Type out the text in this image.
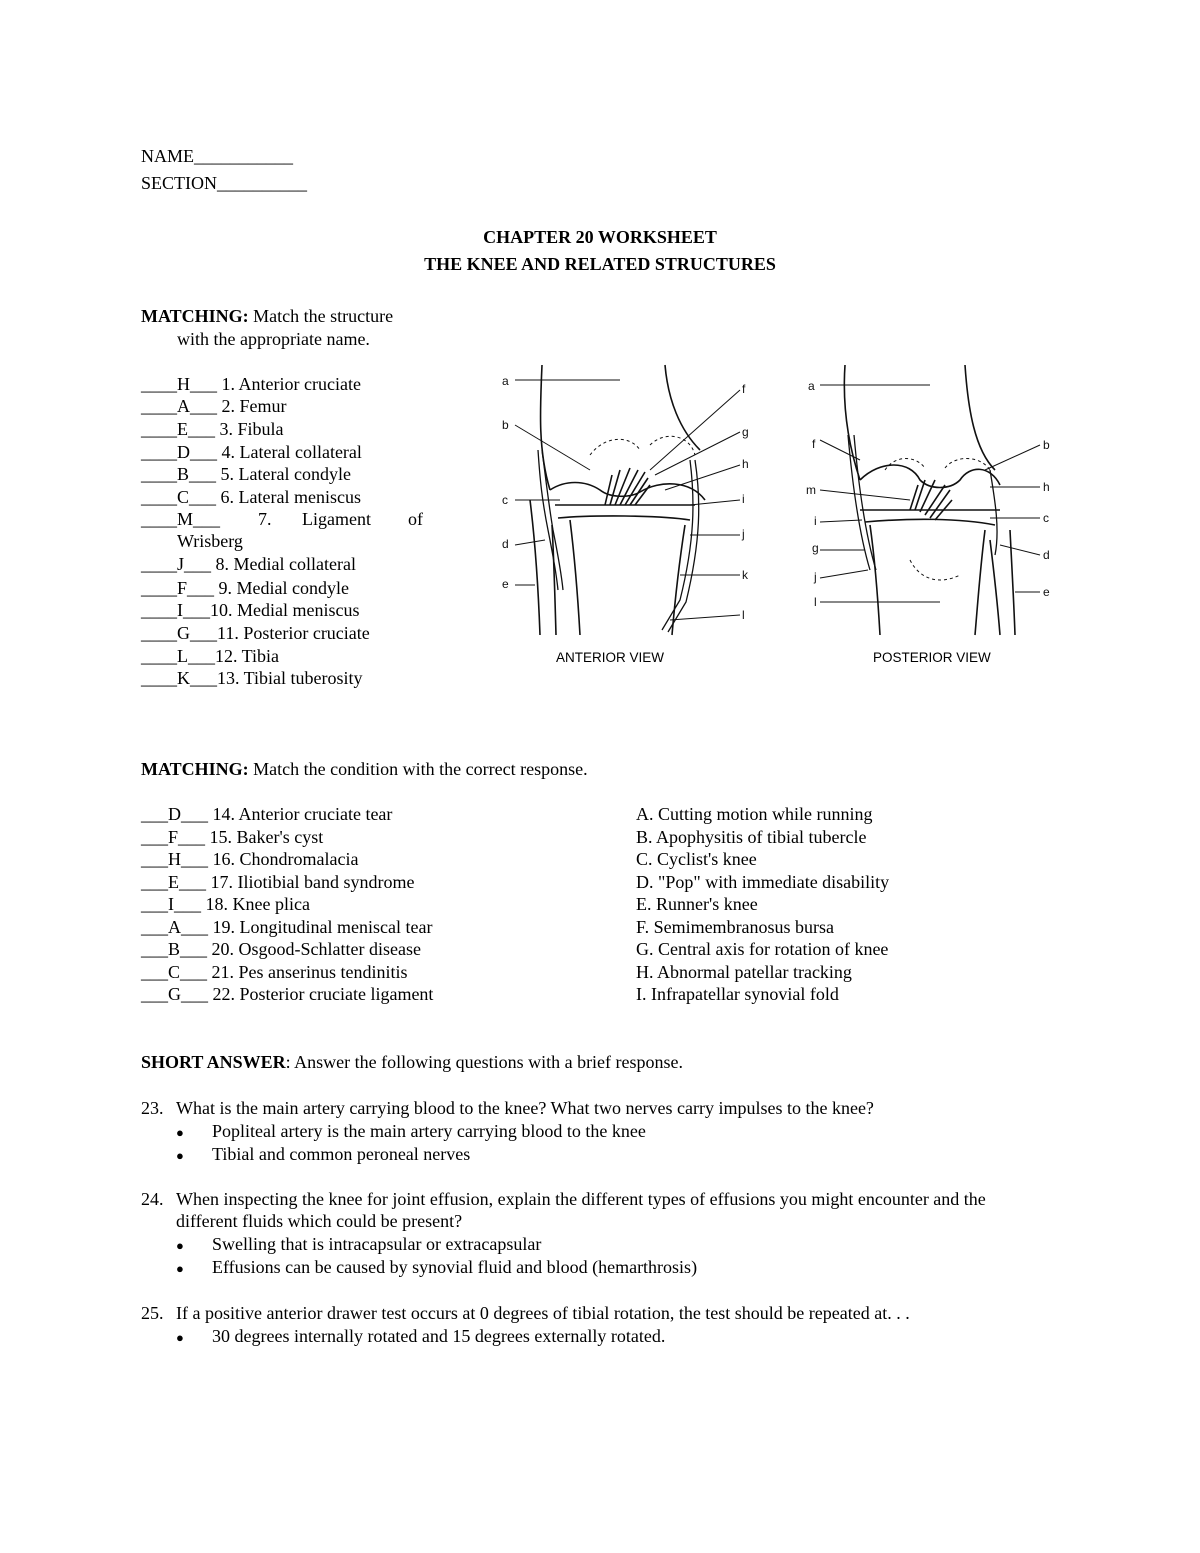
NAME___________
SECTION__________
CHAPTER 20 WORKSHEET
THE KNEE AND RELATED STRUCTURES
MATCHING: Match the structure
with the appropriate name.
____H___ 1. Anterior cruciate
____A___ 2. Femur
____E___ 3. Fibula
____D___ 4. Lateral collateral
____B___ 5. Lateral condyle
____C___ 6. Lateral meniscus
____M___ 7. Ligament of
Wrisberg
____J___ 8. Medial collateral
____F___ 9. Medial condyle
____I___10. Medial meniscus
____G___11. Posterior cruciate
____L___12. Tibia
____K___13. Tibial tuberosity
a
b
c
d
e
f
g
h
i
j
k
l
a
f
m
i
g
j
l
b
h
c
d
e
ANTERIOR VIEW	POSTERIOR VIEW
MATCHING: Match the condition with the correct response.
___D___ 14. Anterior cruciate tear
___F___ 15. Baker's cyst
___H___ 16. Chondromalacia
___E___ 17. Iliotibial band syndrome
___I___ 18. Knee plica
___A___ 19. Longitudinal meniscal tear
___B___ 20. Osgood-Schlatter disease
___C___ 21. Pes anserinus tendinitis
___G___ 22. Posterior cruciate ligament
A. Cutting motion while running
B. Apophysitis of tibial tubercle
C. Cyclist's knee
D. "Pop" with immediate disability
E. Runner's knee
F. Semimembranosus bursa
G. Central axis for rotation of knee
H. Abnormal patellar tracking
I. Infrapatellar synovial fold
SHORT ANSWER: Answer the following questions with a brief response.
23. What is the main artery carrying blood to the knee? What two nerves carry impulses to the knee?
● Popliteal artery is the main artery carrying blood to the knee
● Tibial and common peroneal nerves
24. When inspecting the knee for joint effusion, explain the different types of effusions you might encounter and the
different fluids which could be present?
● Swelling that is intracapsular or extracapsular
● Effusions can be caused by synovial fluid and blood (hemarthrosis)
25. If a positive anterior drawer test occurs at 0 degrees of tibial rotation, the test should be repeated at. . .
● 30 degrees internally rotated and 15 degrees externally rotated.
